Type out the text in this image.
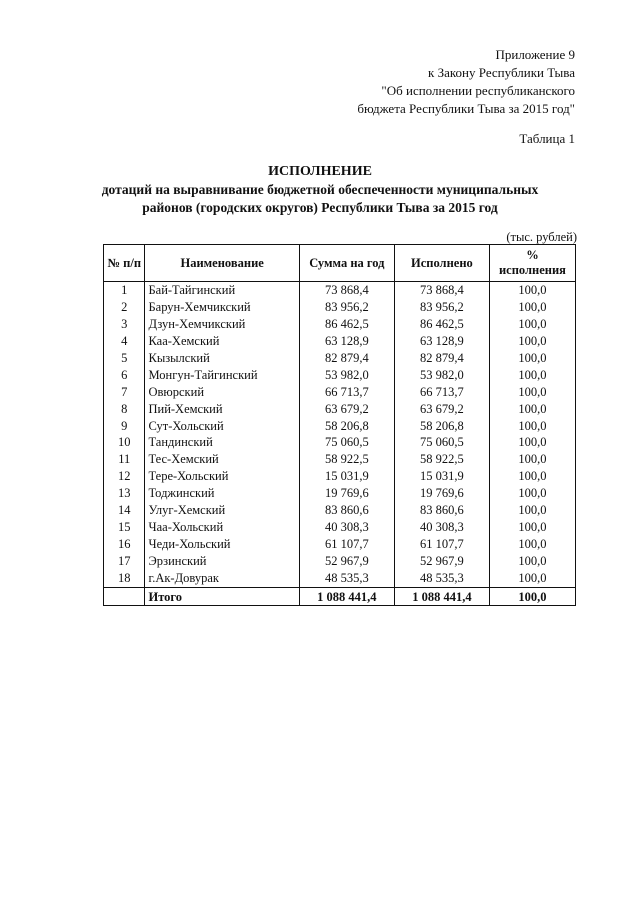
Приложение 9
к Закону Республики Тыва
"Об исполнении республиканского
бюджета Республики Тыва за 2015 год"
Таблица 1
ИСПОЛНЕНИЕ
дотаций на выравнивание бюджетной обеспеченности муниципальных
районов (городских округов) Республики Тыва за 2015 год
(тыс. рублей)
№ п/п	Наименование	Сумма на год	Исполнено	%
исполнения

1	Бай-Тайгинский	73 868,4	73 868,4	100,0
2	Барун-Хемчикский	83 956,2	83 956,2	100,0
3	Дзун-Хемчикский	86 462,5	86 462,5	100,0
4	Каа-Хемский	63 128,9	63 128,9	100,0
5	Кызылский	82 879,4	82 879,4	100,0
6	Монгун-Тайгинский	53 982,0	53 982,0	100,0
7	Овюрский	66 713,7	66 713,7	100,0
8	Пий-Хемский	63 679,2	63 679,2	100,0
9	Сут-Хольский	58 206,8	58 206,8	100,0
10	Тандинский	75 060,5	75 060,5	100,0
11	Тес-Хемский	58 922,5	58 922,5	100,0
12	Тере-Хольский	15 031,9	15 031,9	100,0
13	Тоджинский	19 769,6	19 769,6	100,0
14	Улуг-Хемский	83 860,6	83 860,6	100,0
15	Чаа-Хольский	40 308,3	40 308,3	100,0
16	Чеди-Хольский	61 107,7	61 107,7	100,0
17	Эрзинский	52 967,9	52 967,9	100,0
18	г.Ак-Довурак	48 535,3	48 535,3	100,0
	Итого	1 088 441,4	1 088 441,4	100,0
